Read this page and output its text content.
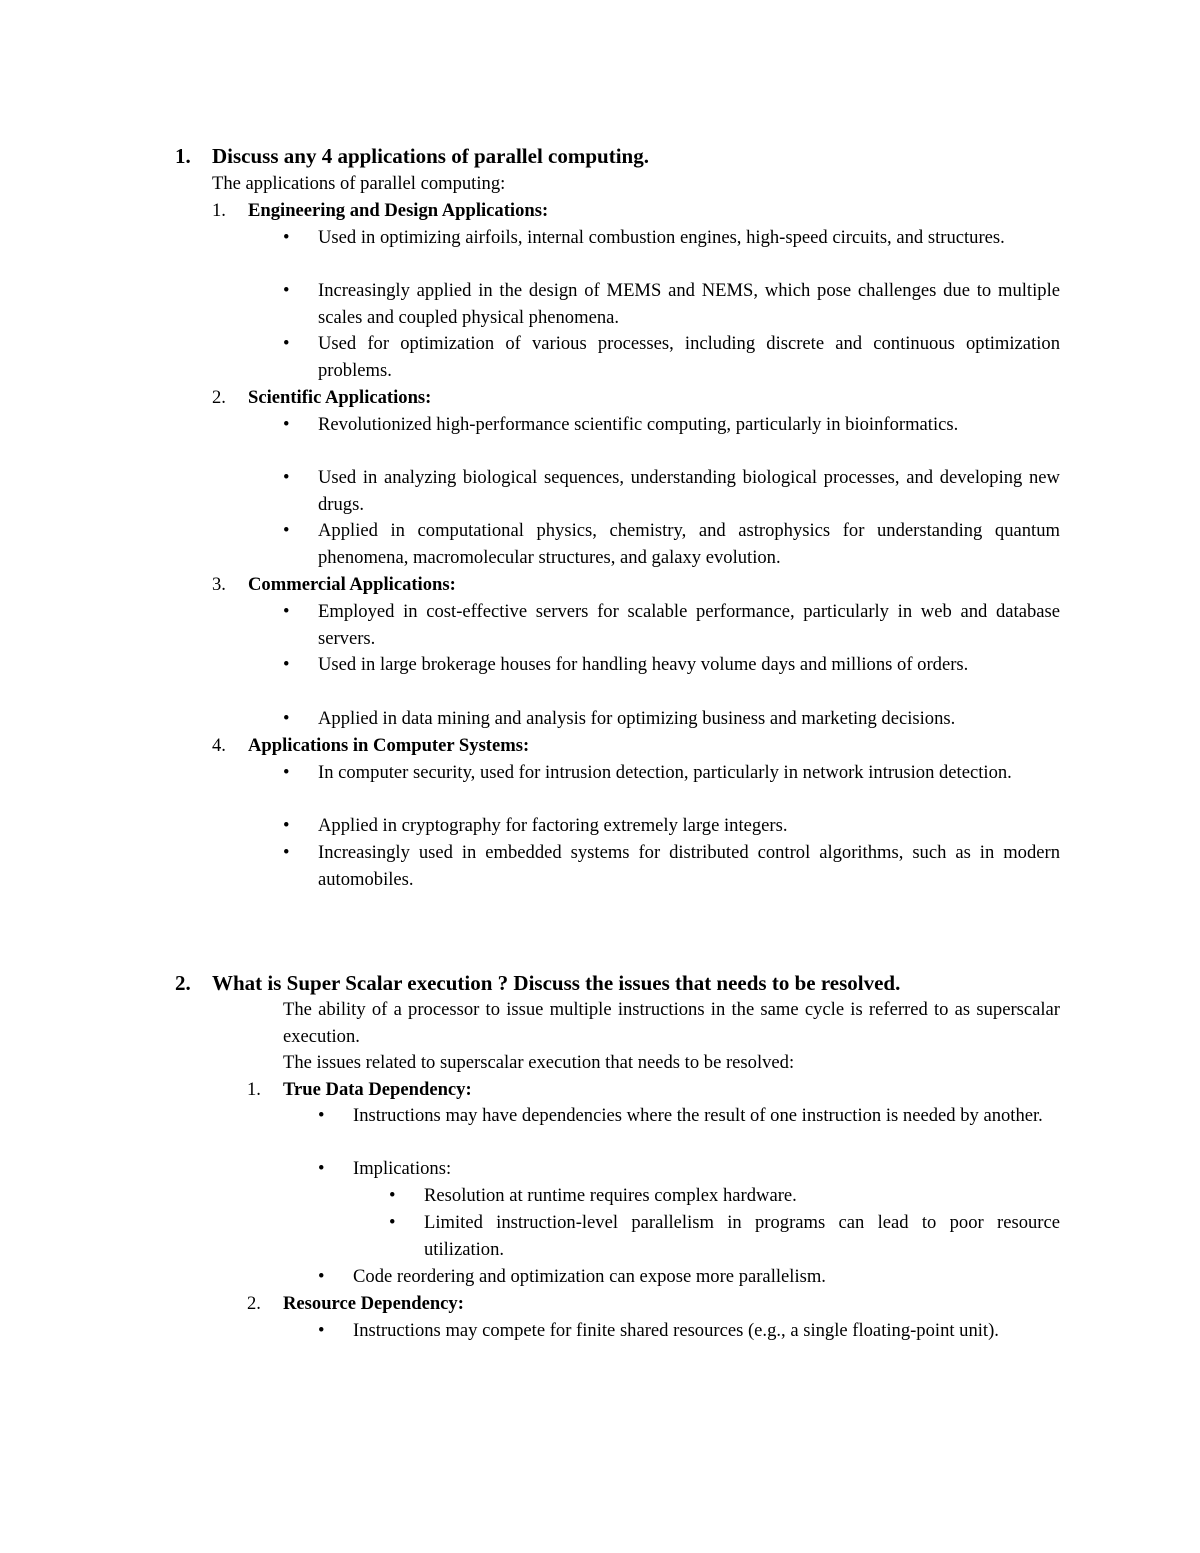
1. Discuss any 4 applications of parallel computing.
The applications of parallel computing:
1. Engineering and Design Applications:
• Used in optimizing airfoils, internal combustion engines, high-speed circuits, and structures.
• Increasingly applied in the design of MEMS and NEMS, which pose challenges due to multiple scales and coupled physical phenomena.
• Used for optimization of various processes, including discrete and continuous optimization problems.
2. Scientific Applications:
• Revolutionized high-performance scientific computing, particularly in bioinformatics.
• Used in analyzing biological sequences, understanding biological processes, and developing new drugs.
• Applied in computational physics, chemistry, and astrophysics for understanding quantum phenomena, macromolecular structures, and galaxy evolution.
3. Commercial Applications:
• Employed in cost-effective servers for scalable performance, particularly in web and database servers.
• Used in large brokerage houses for handling heavy volume days and millions of orders.
• Applied in data mining and analysis for optimizing business and marketing decisions.
4. Applications in Computer Systems:
• In computer security, used for intrusion detection, particularly in network intrusion detection.
• Applied in cryptography for factoring extremely large integers.
• Increasingly used in embedded systems for distributed control algorithms, such as in modern automobiles.
2. What is Super Scalar execution ? Discuss the issues that needs to be resolved.
The ability of a processor to issue multiple instructions in the same cycle is referred to as superscalar execution.
The issues related to superscalar execution that needs to be resolved:
1. True Data Dependency:
• Instructions may have dependencies where the result of one instruction is needed by another.
• Implications:
• Resolution at runtime requires complex hardware.
• Limited instruction-level parallelism in programs can lead to poor resource utilization.
• Code reordering and optimization can expose more parallelism.
2. Resource Dependency:
• Instructions may compete for finite shared resources (e.g., a single floating-point unit).
